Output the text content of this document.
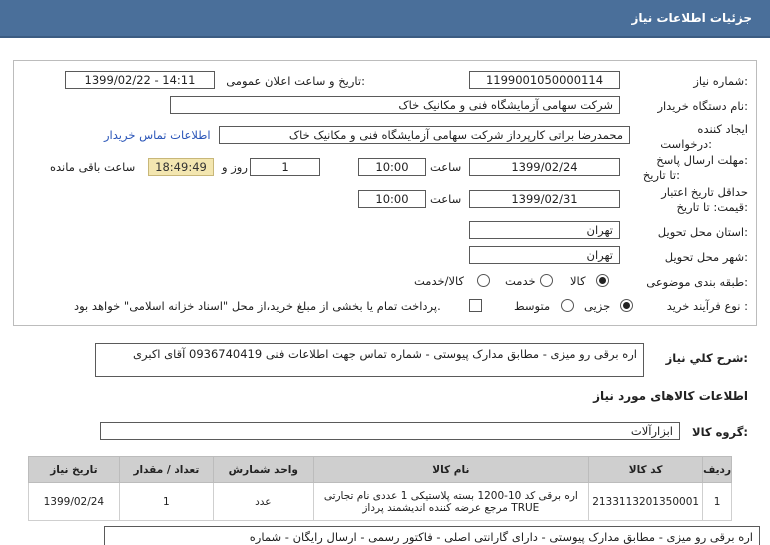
جزئیات اطلاعات نیاز
شماره نیاز:
1199001050000114
تاریخ و ساعت اعلان عمومی:
1399/02/22 - 14:11
نام دستگاه خریدار:
شرکت سهامی آزمایشگاه فنی و مکانیک خاک
ایجاد کننده
درخواست:
محمدرضا براتی کارپرداز شرکت سهامی آزمایشگاه فنی و مکانیک خاک
اطلاعات تماس خریدار
مهلت ارسال پاسخ:
تا تاریخ:
1399/02/24
ساعت
10:00
1
روز و
18:49:49
ساعت باقی مانده
حداقل تاریخ اعتبار
قیمت: تا تاریخ:
1399/02/31
ساعت
10:00
استان محل تحویل:
تهران
شهر محل تحویل:
تهران
طبقه بندی موضوعی:
کالا
خدمت
کالا/خدمت
نوع فرآیند خرید :
جزیی
متوسط
پرداخت تمام یا بخشی از مبلغ خرید،از محل "اسناد خزانه اسلامی" خواهد بود.
شرح کلي نياز:
اره برقی رو میزی - مطابق مدارک پیوستی - شماره تماس جهت اطلاعات فنی 0936740419 آقای اکبری
اطلاعات کالاهای مورد نیاز
گروه کالا:
ابزارآلات
ردیف	کد کالا	نام کالا	واحد شمارش	تعداد / مقدار	تاریخ نیاز
1	2133113201350001	اره برقی کد 10-1200 بسته پلاستیکی 1 عددی نام تجارتی
TRUE مرجع عرضه کننده اندیشمند پرداز	عدد	1	1399/02/24
اره برقی رو میزی - مطابق مدارک پیوستی - دارای گارانتی اصلی - فاکتور رسمی - ارسال رایگان - شماره
